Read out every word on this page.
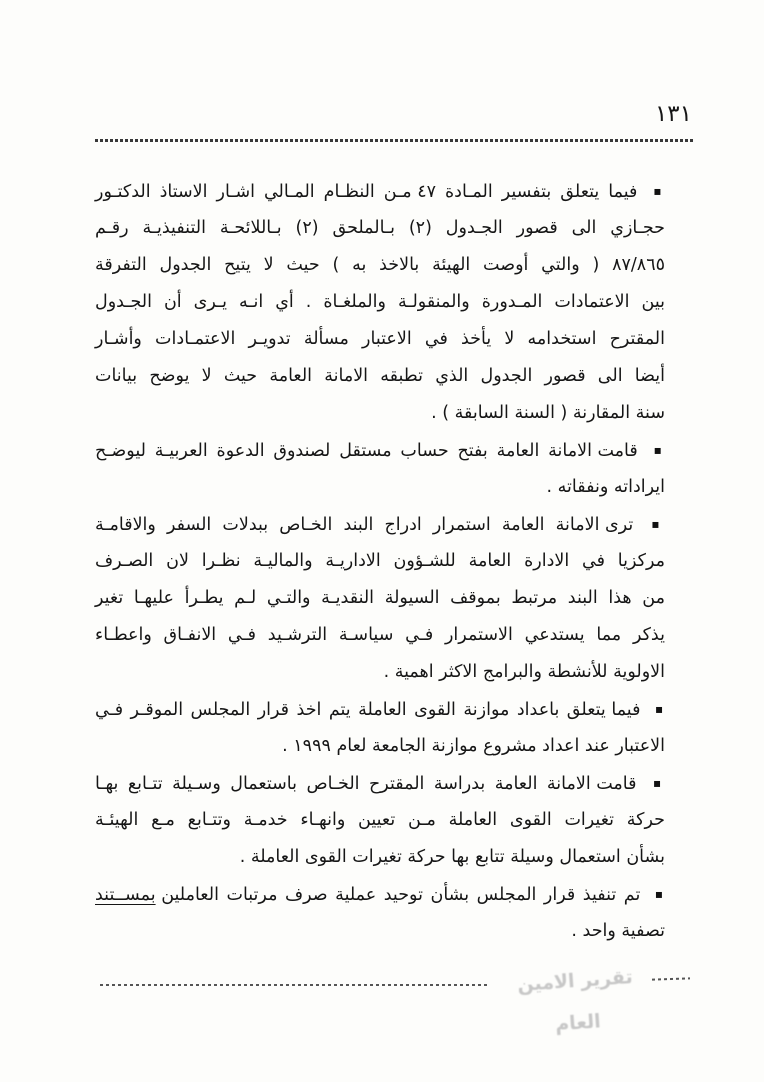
١٣١
▪ فيما يتعلق بتفسير المـادة ٤٧ مـن النظـام المـالي اشـار الاستاذ الدكتـور
حجـازي الى قصور الجـدول (٢) بـالملحق (٢) بـاللائحـة التنفيذيـة رقـم
٨٧/٨٦٥ ( والتي أوصت الهيئة بالاخذ به ) حيث لا يتيح الجدول التفرقة
بين الاعتمادات المـدورة والمنقولـة والملغـاة . أي انـه يـرى أن الجـدول
المقترح استخدامه لا يأخذ في الاعتبار مسألة تدويـر الاعتمـادات وأشـار
أيضا الى قصور الجدول الذي تطبقه الامانة العامة حيث لا يوضح بيانات
سنة المقارنة ( السنة السابقة ) .
▪ قامت الامانة العامة بفتح حساب مستقل لصندوق الدعوة العربيـة ليوضـح
ايراداته ونفقاته .
▪ ترى الامانة العامة استمرار ادراج البند الخـاص ببدلات السفر والاقامـة
مركزيا في الادارة العامة للشـؤون الاداريـة والماليـة نظـرا لان الصـرف
من هذا البند مرتبط بموقف السيولة النقديـة والتـي لـم يطـرأ عليهـا تغير
يذكر مما يستدعي الاستمرار فـي سياسـة الترشـيد فـي الانفـاق واعطـاء
الاولوية للأنشطة والبرامج الاكثر اهمية .
▪ فيما يتعلق باعداد موازنة القوى العاملة يتم اخذ قرار المجلس الموقـر فـي
الاعتبار عند اعداد مشروع موازنة الجامعة لعام ١٩٩٩ .
▪ قامت الامانة العامة بدراسة المقترح الخـاص باستعمال وسـيلة تتـابع بهـا
حركة تغيرات القوى العاملة مـن تعيين وانهـاء خدمـة وتتـابع مـع الهيئـة
بشأن استعمال وسيلة تتابع بها حركة تغيرات القوى العاملة .
▪ تم تنفيذ قرار المجلس بشأن توحيد عملية صرف مرتبات العاملين بمســتند
تصفية واحد .
تقرير الامين العام
